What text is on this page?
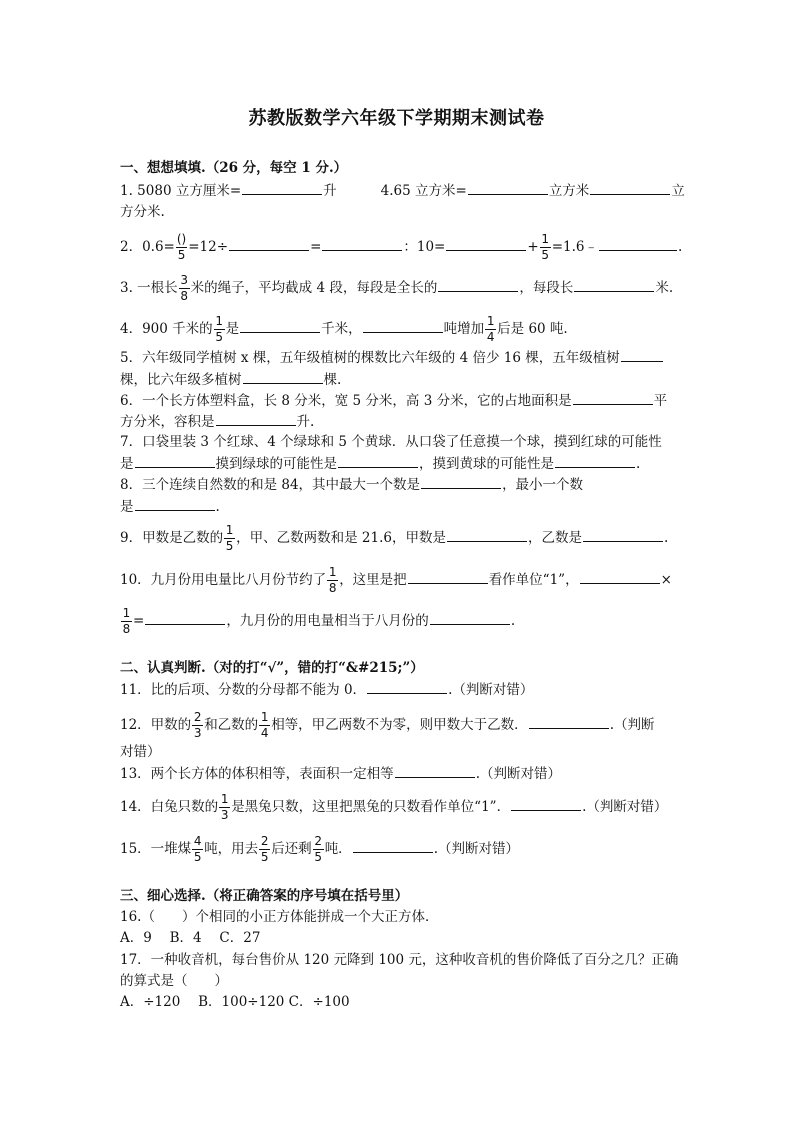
苏教版数学六年级下学期期末测试卷
一、想想填填.（26 分，每空 1 分.）
1. 5080 立方厘米=	升	4.65 立方米=	立方米	立
方分米.
2．$0.6= \frac{()}{5} =12\div$	=	：10=	+ $\frac{1}{5}$ =1.6﹣	.
3. 一根长 $\frac{3}{8}$ 米的绳子，平均截成 4 段，每段是全长的	，每段长	米.
4．900 千米的 $\frac{1}{5}$ 是	千米，	吨增加 $\frac{1}{4}$ 后是 60 吨.
5．六年级同学植树 x 棵，五年级植树的棵数比六年级的 4 倍少 16 棵，五年级植树
棵，比六年级多植树	棵.
6．一个长方体塑料盒，长 8 分米，宽 5 分米，高 3 分米，它的占地面积是	平
方分米，容积是	升.
7．口袋里装 3 个红球、4 个绿球和 5 个黄球．从口袋了任意摸一个球，摸到红球的可能性
是	摸到绿球的可能性是	，摸到黄球的可能性是	.
8．三个连续自然数的和是 84，其中最大一个数是	，最小一个数
是	.
9．甲数是乙数的 $\frac{1}{5}$ ，甲、乙数两数和是 21.6，甲数是	，乙数是	.
10．九月份用电量比八月份节约了 $\frac{1}{8}$ ，这里是把	看作单位“1”，	×
$\frac{1}{8}$ =	，九月份的用电量相当于八月份的	.
二、认真判断.（对的打“√”，错的打“&#215;”）
11．比的后项、分数的分母都不能为 0．	.（判断对错）
12．甲数的 $\frac{2}{3}$ 和乙数的 $\frac{1}{4}$ 相等，甲乙两数不为零，则甲数大于乙数．	.（判断
对错）
13．两个长方体的体积相等，表面积一定相等	.（判断对错）
14．白兔只数的 $\frac{1}{3}$ 是黑兔只数，这里把黑兔的只数看作单位“1”．	.（判断对错）
15．一堆煤 $\frac{4}{5}$ 吨，用去 $\frac{2}{5}$ 后还剩 $\frac{2}{5}$ 吨．	.（判断对错）
三、细心选择.（将正确答案的序号填在括号里）
16.（　　）个相同的小正方体能拼成一个大正方体．
A．9　 B．4　 C．27
17．一种收音机，每台售价从 120 元降到 100 元，这种收音机的售价降低了百分之几？正确
的算式是（　　）
A．÷120　 B．100÷120 C．÷100
